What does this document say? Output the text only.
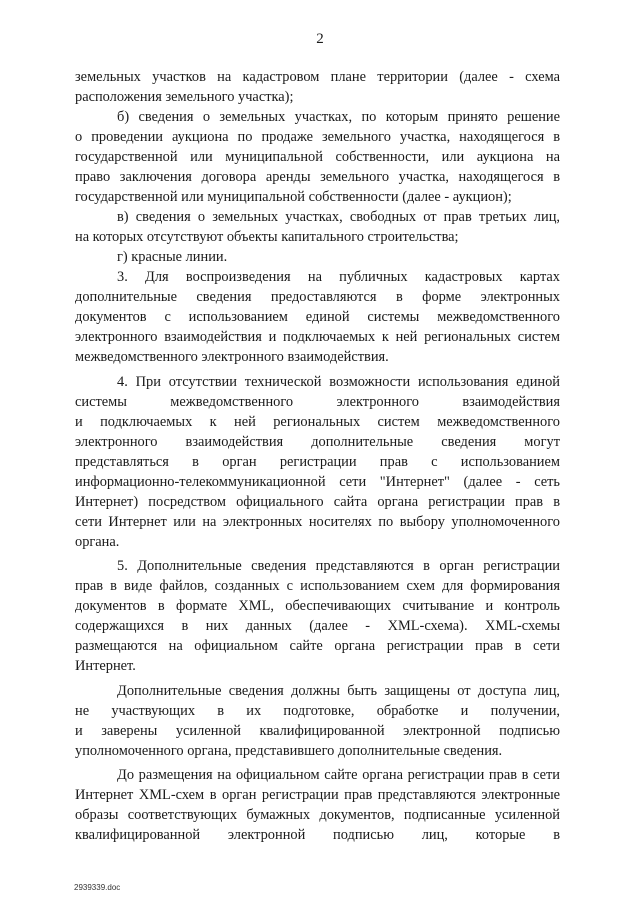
2
земельных участков на кадастровом плане территории (далее - схема
расположения земельного участка);
б) сведения о земельных участках, по которым принято решение
о проведении аукциона по продаже земельного участка, находящегося в
государственной или муниципальной собственности, или аукциона на
право заключения договора аренды земельного участка, находящегося в
государственной или муниципальной собственности (далее - аукцион);
в) сведения о земельных участках, свободных от прав третьих лиц,
на которых отсутствуют объекты капитального строительства;
г) красные линии.
3. Для воспроизведения на публичных кадастровых картах
дополнительные сведения предоставляются в форме электронных
документов с использованием единой системы межведомственного
электронного взаимодействия и подключаемых к ней региональных систем
межведомственного электронного взаимодействия.
4. При отсутствии технической возможности использования единой
системы межведомственного электронного взаимодействия
и подключаемых к ней региональных систем межведомственного
электронного взаимодействия дополнительные сведения могут
представляться в орган регистрации прав с использованием
информационно-телекоммуникационной сети "Интернет" (далее - сеть
Интернет) посредством официального сайта органа регистрации прав в
сети Интернет или на электронных носителях по выбору уполномоченного
органа.
5. Дополнительные сведения представляются в орган регистрации
прав в виде файлов, созданных с использованием схем для формирования
документов в формате XML, обеспечивающих считывание и контроль
содержащихся в них данных (далее - XML-схема). XML-схемы
размещаются на официальном сайте органа регистрации прав в сети
Интернет.
Дополнительные сведения должны быть защищены от доступа лиц,
не участвующих в их подготовке, обработке и получении,
и заверены усиленной квалифицированной электронной подписью
уполномоченного органа, представившего дополнительные сведения.
До размещения на официальном сайте органа регистрации прав в сети
Интернет XML-схем в орган регистрации прав представляются электронные
образы соответствующих бумажных документов, подписанные усиленной
квалифицированной электронной подписью лиц, которые в
2939339.doc
